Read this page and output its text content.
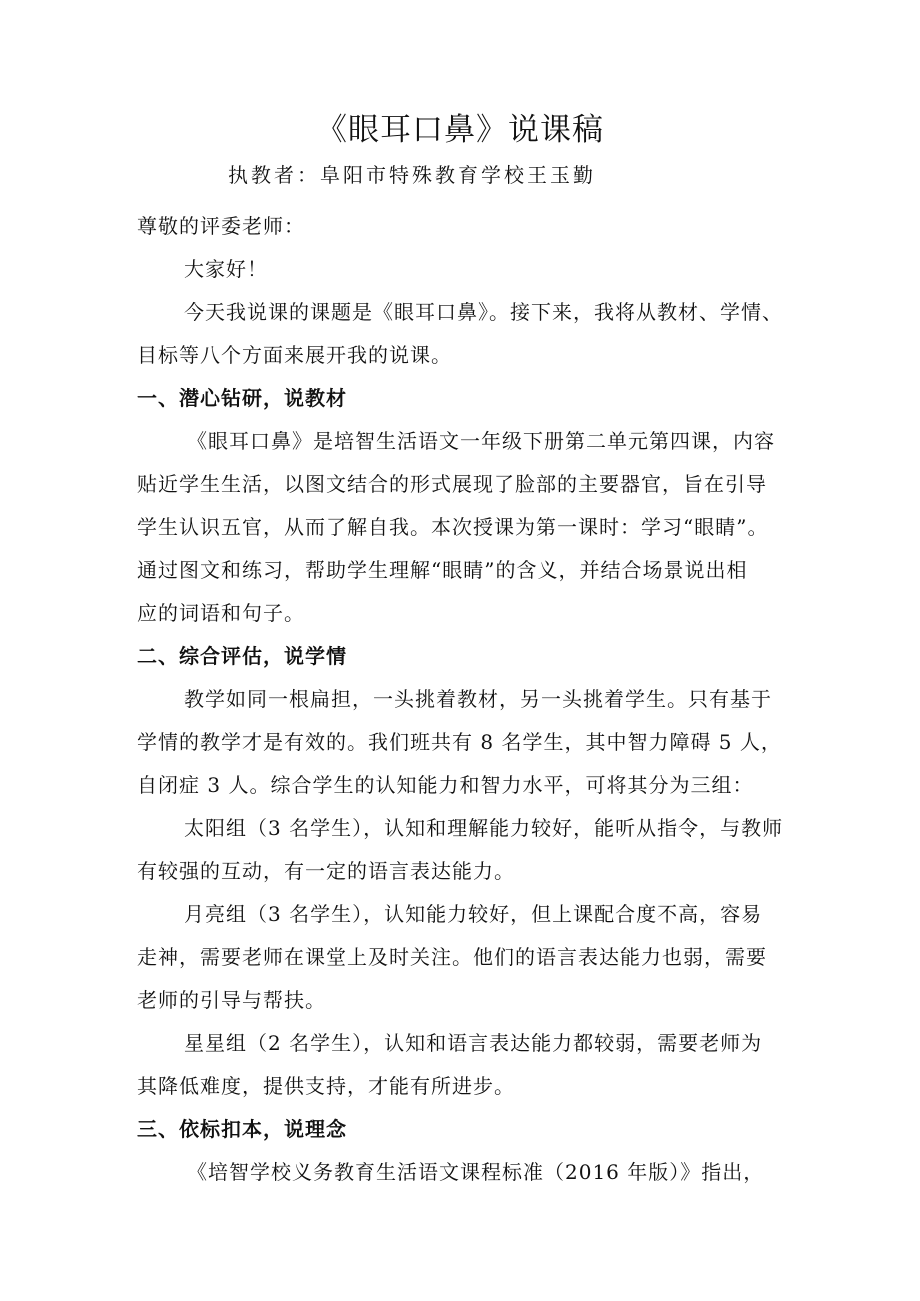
《眼耳口鼻》说课稿
执教者：阜阳市特殊教育学校王玉勤
尊敬的评委老师：
大家好！
今天我说课的课题是《眼耳口鼻》。接下来，我将从教材、学情、
目标等八个方面来展开我的说课。
一、潜心钻研，说教材
《眼耳口鼻》是培智生活语文一年级下册第二单元第四课，内容
贴近学生生活，以图文结合的形式展现了脸部的主要器官，旨在引导
学生认识五官，从而了解自我。本次授课为第一课时：学习“眼睛”。
通过图文和练习，帮助学生理解“眼睛”的含义，并结合场景说出相
应的词语和句子。
二、综合评估，说学情
教学如同一根扁担，一头挑着教材，另一头挑着学生。只有基于
学情的教学才是有效的。我们班共有 8 名学生，其中智力障碍 5 人，
自闭症 3 人。综合学生的认知能力和智力水平，可将其分为三组：
太阳组（3 名学生），认知和理解能力较好，能听从指令，与教师
有较强的互动，有一定的语言表达能力。
月亮组（3 名学生），认知能力较好，但上课配合度不高，容易
走神，需要老师在课堂上及时关注。他们的语言表达能力也弱，需要
老师的引导与帮扶。
星星组（2 名学生），认知和语言表达能力都较弱，需要老师为
其降低难度，提供支持，才能有所进步。
三、依标扣本，说理念
《培智学校义务教育生活语文课程标准（2016 年版）》指出，
